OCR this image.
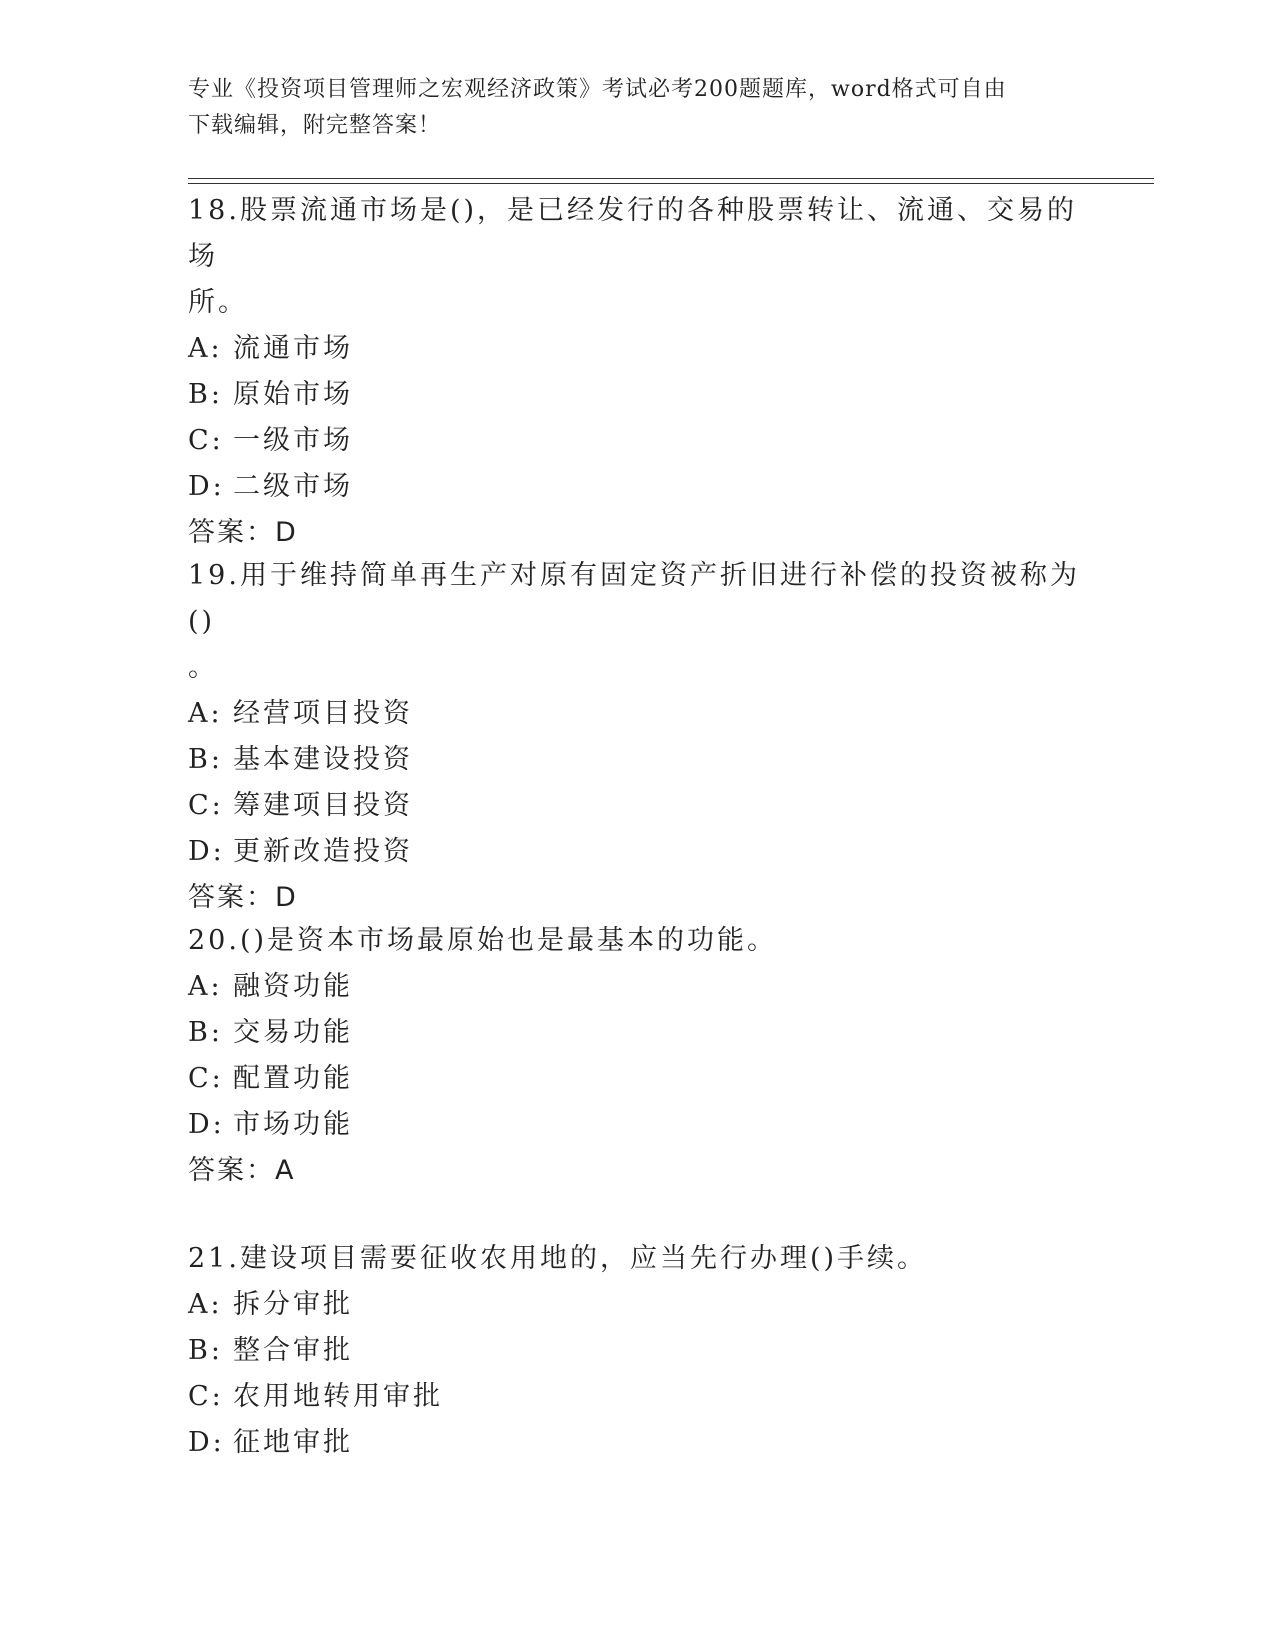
专业《投资项目管理师之宏观经济政策》考试必考200题题库，word格式可自由
下载编辑，附完整答案！
18.股票流通市场是()，是已经发行的各种股票转让、流通、交易的场
所。
A: 流通市场
B: 原始市场
C: 一级市场
D: 二级市场
答案：D
19.用于维持简单再生产对原有固定资产折旧进行补偿的投资被称为()
。
A: 经营项目投资
B: 基本建设投资
C: 筹建项目投资
D: 更新改造投资
答案：D
20.()是资本市场最原始也是最基本的功能。
A: 融资功能
B: 交易功能
C: 配置功能
D: 市场功能
答案：A
21.建设项目需要征收农用地的，应当先行办理()手续。
A: 拆分审批
B: 整合审批
C: 农用地转用审批
D: 征地审批
